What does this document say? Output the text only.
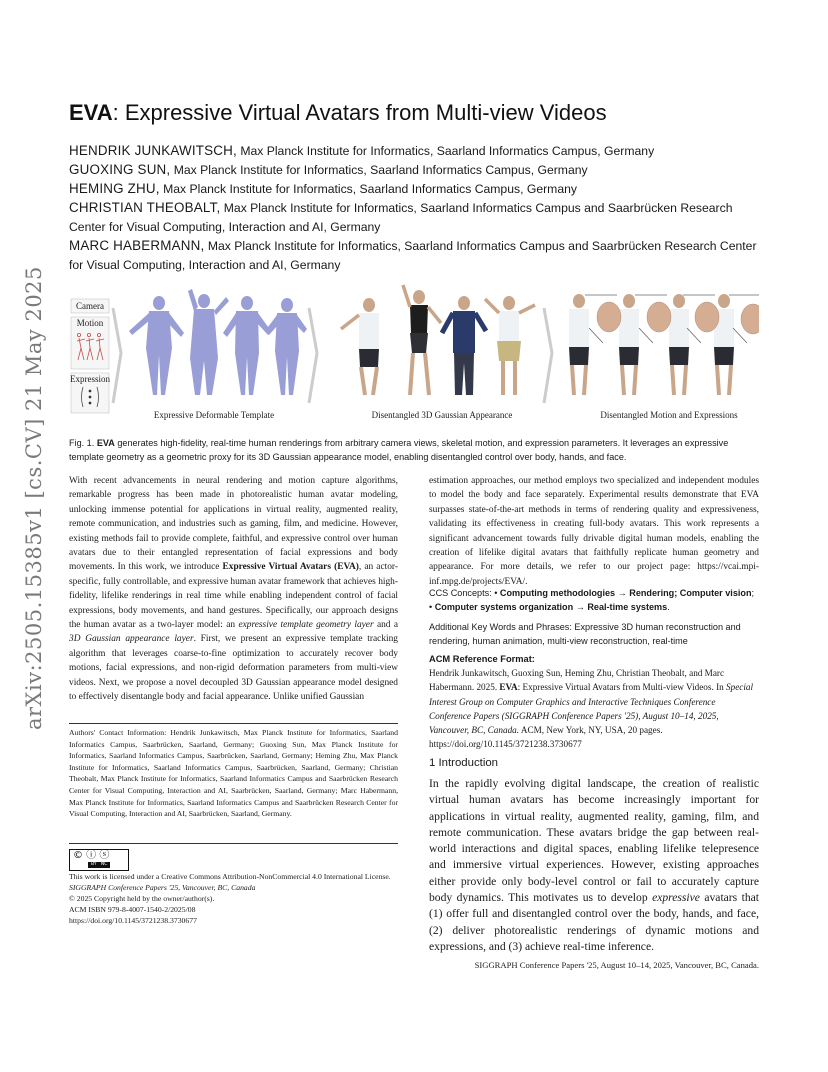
arXiv:2505.15385v1 [cs.CV] 21 May 2025
EVA: Expressive Virtual Avatars from Multi-view Videos
HENDRIK JUNKAWITSCH, Max Planck Institute for Informatics, Saarland Informatics Campus, Germany
GUOXING SUN, Max Planck Institute for Informatics, Saarland Informatics Campus, Germany
HEMING ZHU, Max Planck Institute for Informatics, Saarland Informatics Campus, Germany
CHRISTIAN THEOBALT, Max Planck Institute for Informatics, Saarland Informatics Campus and Saarbrücken Research Center for Visual Computing, Interaction and AI, Germany
MARC HABERMANN, Max Planck Institute for Informatics, Saarland Informatics Campus and Saarbrücken Research Center for Visual Computing, Interaction and AI, Germany
Camera
Motion
Expression
Expressive Deformable Template	Disentangled 3D Gaussian Appearance	Disentangled Motion and Expressions
Fig. 1. EVA generates high-fidelity, real-time human renderings from arbitrary camera views, skeletal motion, and expression parameters. It leverages an expressive template geometry as a geometric proxy for its 3D Gaussian appearance model, enabling disentangled control over body, hands, and face.
With recent advancements in neural rendering and motion capture algorithms, remarkable progress has been made in photorealistic human avatar modeling, unlocking immense potential for applications in virtual reality, augmented reality, remote communication, and industries such as gaming, film, and medicine. However, existing methods fail to provide complete, faithful, and expressive control over human avatars due to their entangled representation of facial expressions and body movements. In this work, we introduce Expressive Virtual Avatars (EVA), an actor-specific, fully controllable, and expressive human avatar framework that achieves high-fidelity, lifelike renderings in real time while enabling independent control of facial expressions, body movements, and hand gestures. Specifically, our approach designs the human avatar as a two-layer model: an expressive template geometry layer and a 3D Gaussian appearance layer. First, we present an expressive template tracking algorithm that leverages coarse-to-fine optimization to accurately recover body motions, facial expressions, and non-rigid deformation parameters from multi-view videos. Next, we propose a novel decoupled 3D Gaussian appearance model designed to effectively disentangle body and facial appearance. Unlike unified Gaussian
Authors' Contact Information: Hendrik Junkawitsch, Max Planck Institute for Informatics, Saarland Informatics Campus, Saarbrücken, Saarland, Germany; Guoxing Sun, Max Planck Institute for Informatics, Saarland Informatics Campus, Saarbrücken, Saarland, Germany; Heming Zhu, Max Planck Institute for Informatics, Saarland Informatics Campus, Saarbrücken, Saarland, Germany; Christian Theobalt, Max Planck Institute for Informatics, Saarland Informatics Campus and Saarbrücken Research Center for Visual Computing, Interaction and AI, Saarbrücken, Saarland, Germany; Marc Habermann, Max Planck Institute for Informatics, Saarland Informatics Campus and Saarbrücken Research Center for Visual Computing, Interaction and AI, Saarbrücken, Saarland, Germany.
© ⓘ ⓢ
BY   NC
This work is licensed under a Creative Commons Attribution-NonCommercial 4.0 International License.
SIGGRAPH Conference Papers '25, Vancouver, BC, Canada
© 2025 Copyright held by the owner/author(s).
ACM ISBN 979-8-4007-1540-2/2025/08
https://doi.org/10.1145/3721238.3730677
CCS Concepts: • Computing methodologies → Rendering; Computer vision; • Computer systems organization → Real-time systems.
Additional Key Words and Phrases: Expressive 3D human reconstruction and rendering, human animation, multi-view reconstruction, real-time
ACM Reference Format:
Hendrik Junkawitsch, Guoxing Sun, Heming Zhu, Christian Theobalt, and Marc Habermann. 2025. EVA: Expressive Virtual Avatars from Multi-view Videos. In Special Interest Group on Computer Graphics and Interactive Techniques Conference Conference Papers (SIGGRAPH Conference Papers '25), August 10–14, 2025, Vancouver, BC, Canada. ACM, New York, NY, USA, 20 pages. https://doi.org/10.1145/3721238.3730677
1 Introduction
In the rapidly evolving digital landscape, the creation of realistic virtual human avatars has become increasingly important for applications in virtual reality, augmented reality, gaming, film, and remote communication. These avatars bridge the gap between real-world interactions and digital spaces, enabling lifelike telepresence and immersive virtual experiences. However, existing approaches either provide only body-level control or fail to accurately capture body dynamics. This motivates us to develop expressive avatars that (1) offer full and disentangled control over the body, hands, and face, (2) deliver photorealistic renderings of dynamic motions and expressions, and (3) achieve real-time inference.
SIGGRAPH Conference Papers '25, August 10–14, 2025, Vancouver, BC, Canada.
estimation approaches, our method employs two specialized and independent modules to model the body and face separately. Experimental results demonstrate that EVA surpasses state-of-the-art methods in terms of rendering quality and expressiveness, validating its effectiveness in creating full-body avatars. This work represents a significant advancement towards fully drivable digital human models, enabling the creation of lifelike digital avatars that faithfully replicate human geometry and appearance. For more details, we refer to our project page: https://vcai.mpi-inf.mpg.de/projects/EVA/.
